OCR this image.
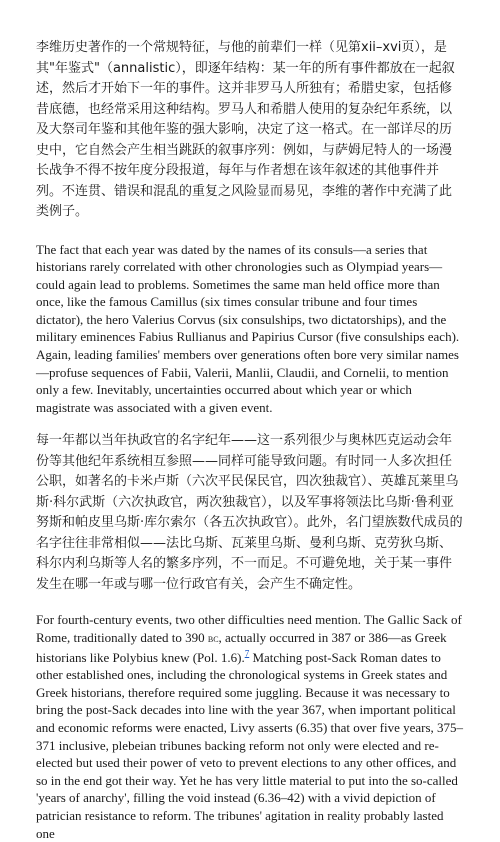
李维历史著作的一个常规特征，与他的前辈们一样（见第xii–xvi页），是其"年鉴式"（annalistic），即逐年结构：某一年的所有事件都放在一起叙述，然后才开始下一年的事件。这并非罗马人所独有；希腊史家，包括修昔底德，也经常采用这种结构。罗马人和希腊人使用的复杂纪年系统，以及大祭司年鉴和其他年鉴的强大影响，决定了这一格式。在一部详尽的历史中，它自然会产生相当跳跃的叙事序列：例如，与萨姆尼特人的一场漫长战争不得不按年度分段报道，每年与作者想在该年叙述的其他事件并列。不连贯、错误和混乱的重复之风险显而易见，李维的著作中充满了此类例子。

The fact that each year was dated by the names of its consuls—a series that historians rarely correlated with other chronologies such as Olympiad years—could again lead to problems. Sometimes the same man held office more than once, like the famous Camillus (six times consular tribune and four times dictator), the hero Valerius Corvus (six consulships, two dictatorships), and the military eminences Fabius Rullianus and Papirius Cursor (five consulships each). Again, leading families' members over generations often bore very similar names—profuse sequences of Fabii, Valerii, Manlii, Claudii, and Cornelii, to mention only a few. Inevitably, uncertainties occurred about which year or which magistrate was associated with a given event.

每一年都以当年执政官的名字纪年——这一系列很少与奥林匹克运动会年份等其他纪年系统相互参照——同样可能导致问题。有时同一人多次担任公职，如著名的卡米卢斯（六次平民保民官，四次独裁官）、英雄瓦莱里乌斯·科尔武斯（六次执政官，两次独裁官），以及军事将领法比乌斯·鲁利亚努斯和帕皮里乌斯·库尔索尔（各五次执政官）。此外，名门望族数代成员的名字往往非常相似——法比乌斯、瓦莱里乌斯、曼利乌斯、克劳狄乌斯、科尔内利乌斯等人名的繁多序列，不一而足。不可避免地，关于某一事件发生在哪一年或与哪一位行政官有关，会产生不确定性。

For fourth-century events, two other difficulties need mention. The Gallic Sack of Rome, traditionally dated to 390 bc, actually occurred in 387 or 386—as Greek historians like Polybius knew (Pol. 1.6).$^7$ Matching post-Sack Roman dates to other established ones, including the chronological systems in Greek states and Greek historians, therefore required some juggling. Because it was necessary to bring the post-Sack decades into line with the year 367, when important political and economic reforms were enacted, Livy asserts (6.35) that over five years, 375–371 inclusive, plebeian tribunes backing reform not only were elected and re-elected but used their power of veto to prevent elections to any other offices, and so in the end got their way. Yet he has very little material to put into the so-called 'years of anarchy', filling the void instead (6.36–42) with a vivid depiction of patrician resistance to reform. The tribunes' agitation in reality probably lasted one
